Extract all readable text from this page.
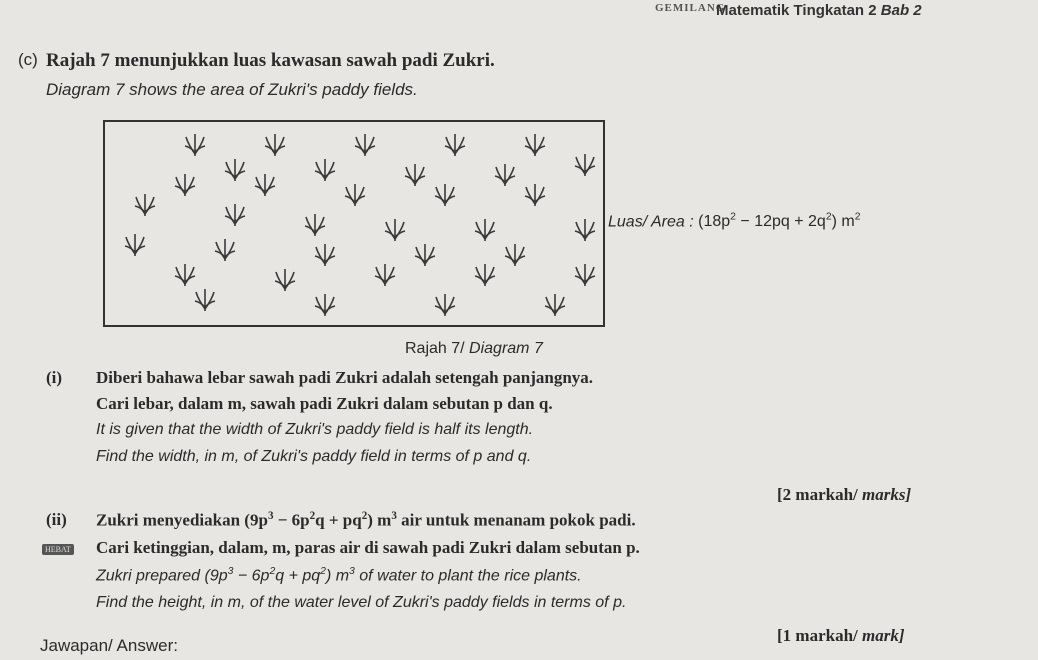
GEMILANG
Matematik Tingkatan 2 Bab 2
(c) Rajah 7 menunjukkan luas kawasan sawah padi Zukri.
Diagram 7 shows the area of Zukri's paddy fields.
Luas/ Area : $(18p^2 - 12pq + 2q^2)$ $m^2$
Rajah 7/ Diagram 7
(i) Diberi bahawa lebar sawah padi Zukri adalah setengah panjangnya.
Cari lebar, dalam m, sawah padi Zukri dalam sebutan p dan q.
It is given that the width of Zukri's paddy field is half its length.
Find the width, in m, of Zukri's paddy field in terms of p and q.
[2 markah/ marks]
(ii) Zukri menyediakan $(9p^3 - 6p^2q + pq^2)$ $m^3$ air untuk menanam pokok padi.
HEBAT Cari ketinggian, dalam, m, paras air di sawah padi Zukri dalam sebutan p.
Zukri prepared $(9p^3 - 6p^2q + pq^2)$ $m^3$ of water to plant the rice plants.
Find the height, in m, of the water level of Zukri's paddy fields in terms of p.
[1 markah/ mark]
Jawapan/ Answer:
